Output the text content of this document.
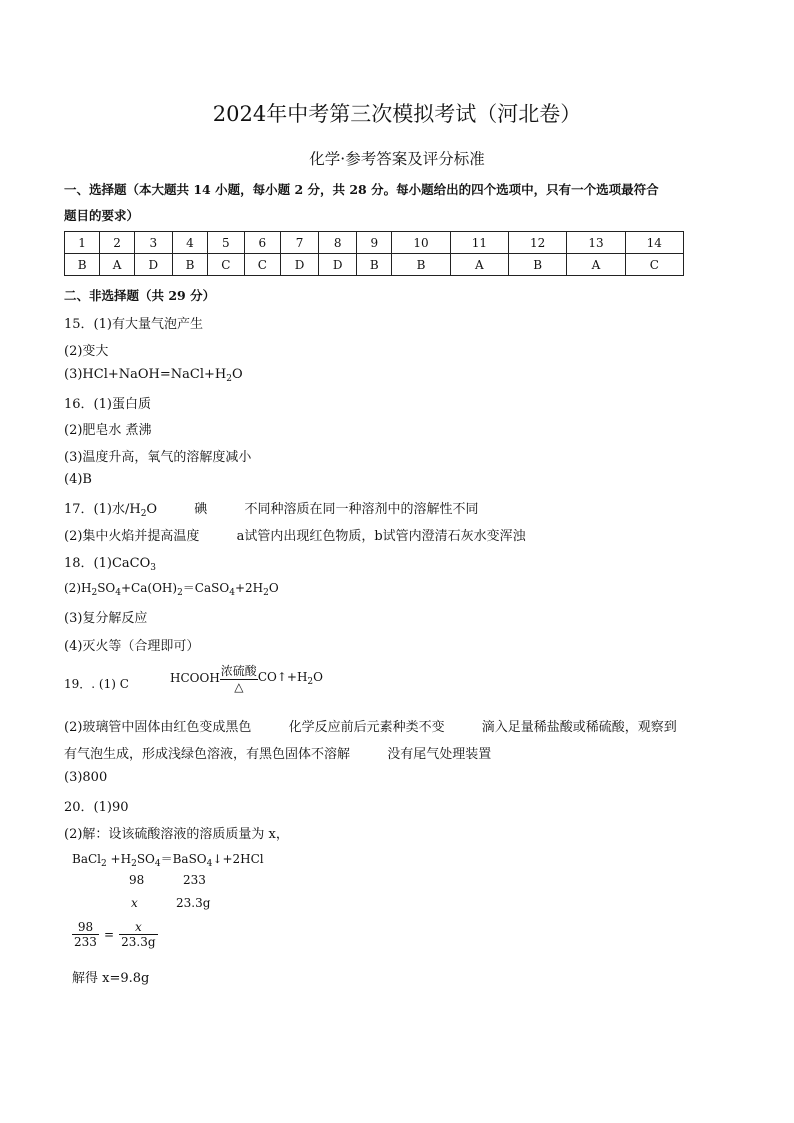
2024年中考第三次模拟考试（河北卷）
化学·参考答案及评分标准
一、选择题（本大题共 14 小题，每小题 2 分，共 28 分。每小题给出的四个选项中，只有一个选项最符合
题目的要求）
1	2	3	4	5	6	7	8	9	10	11	12	13	14
B	A	D	B	C	C	D	D	B	B	A	B	A	C
二、非选择题（共 29 分）
15．(1)有大量气泡产生
(2)变大
$(3)HCl+NaOH=NaCl+H_2O$
16．(1)蛋白质
(2)肥皂水 煮沸
(3)温度升高，氧气的溶解度减小
(4)B
17．(1)水$/H_2O$         碘         不同种溶质在同一种溶剂中的溶解性不同
(2)集中火焰并提高温度         a试管内出现红色物质，b试管内澄清石灰水变浑浊
18．(1)CaCO$_3$
$(2)H_2SO_4+Ca(OH)_2=CaSO_4+2H_2O$
(3)复分解反应
(4)灭火等（合理即可）
19．. (1) C	HCOOH 浓硫酸
△
$CO↑+H_2O$
(2)玻璃管中固体由红色变成黑色         化学反应前后元素种类不变         滴入足量稀盐酸或稀硫酸，观察到
有气泡生成，形成浅绿色溶液，有黑色固体不溶解         没有尾气处理装置
(3)800
20．(1)90
(2)解：设该硫酸溶液的溶质质量为 x，
BaCl$_2$ $+H_2SO_4=BaSO_4↓+2HCl$
98	233
x	23.3g
$\frac{98}{233} = \frac{x}{23.3g}$
解得 x=9.8g
